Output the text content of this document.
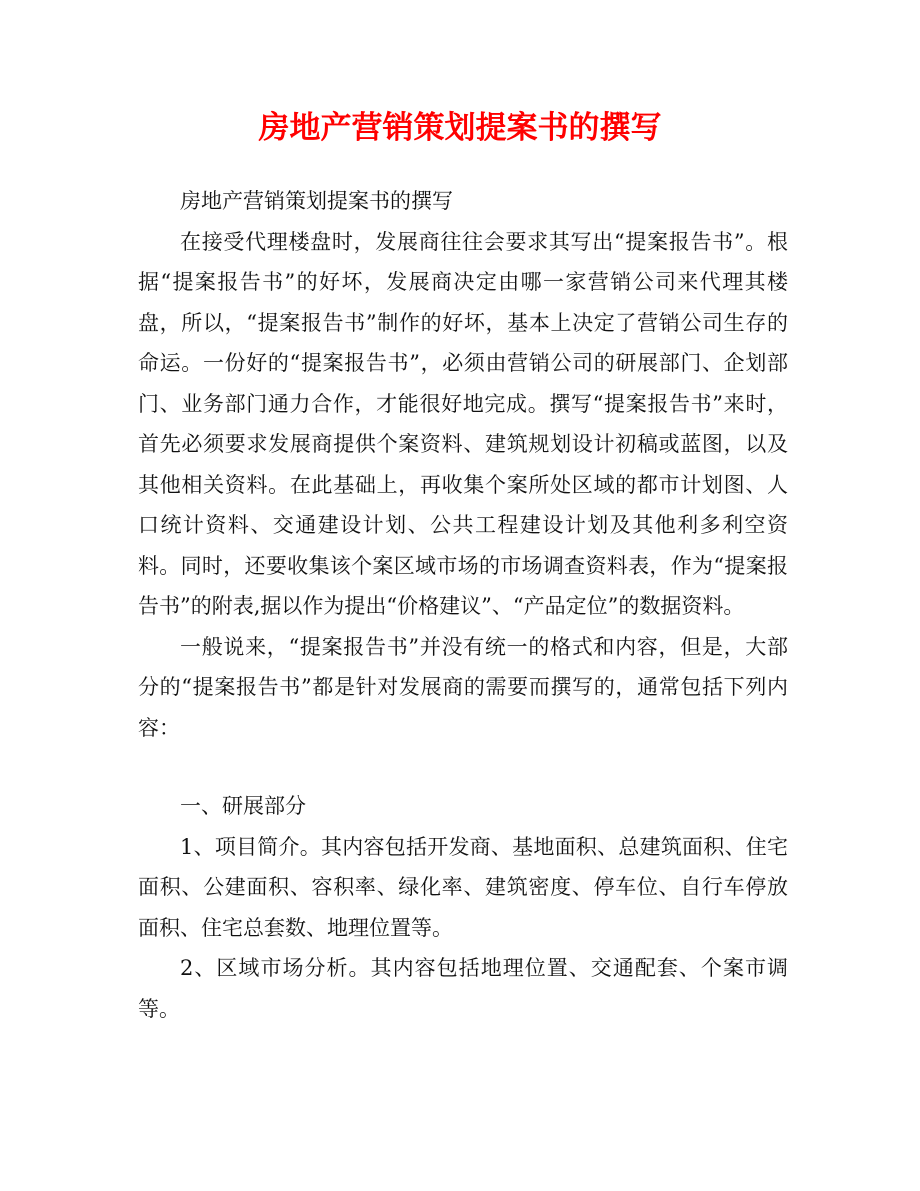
房地产营销策划提案书的撰写

房地产营销策划提案书的撰写

在接受代理楼盘时，发展商往往会要求其写出“提案报告书”。根据“提案报告书”的好坏，发展商决定由哪一家营销公司来代理其楼盘，所以，“提案报告书”制作的好坏，基本上决定了营销公司生存的命运。一份好的“提案报告书”，必须由营销公司的研展部门、企划部门、业务部门通力合作，才能很好地完成。撰写“提案报告书”来时，首先必须要求发展商提供个案资料、建筑规划设计初稿或蓝图，以及其他相关资料。在此基础上，再收集个案所处区域的都市计划图、人口统计资料、交通建设计划、公共工程建设计划及其他利多利空资料。同时，还要收集该个案区域市场的市场调查资料表，作为“提案报告书”的附表,据以作为提出“价格建议”、“产品定位”的数据资料。

一般说来，“提案报告书”并没有统一的格式和内容，但是，大部分的“提案报告书”都是针对发展商的需要而撰写的，通常包括下列内容：

一、研展部分

1、项目简介。其内容包括开发商、基地面积、总建筑面积、住宅面积、公建面积、容积率、绿化率、建筑密度、停车位、自行车停放面积、住宅总套数、地理位置等。

2、区域市场分析。其内容包括地理位置、交通配套、个案市调等。
